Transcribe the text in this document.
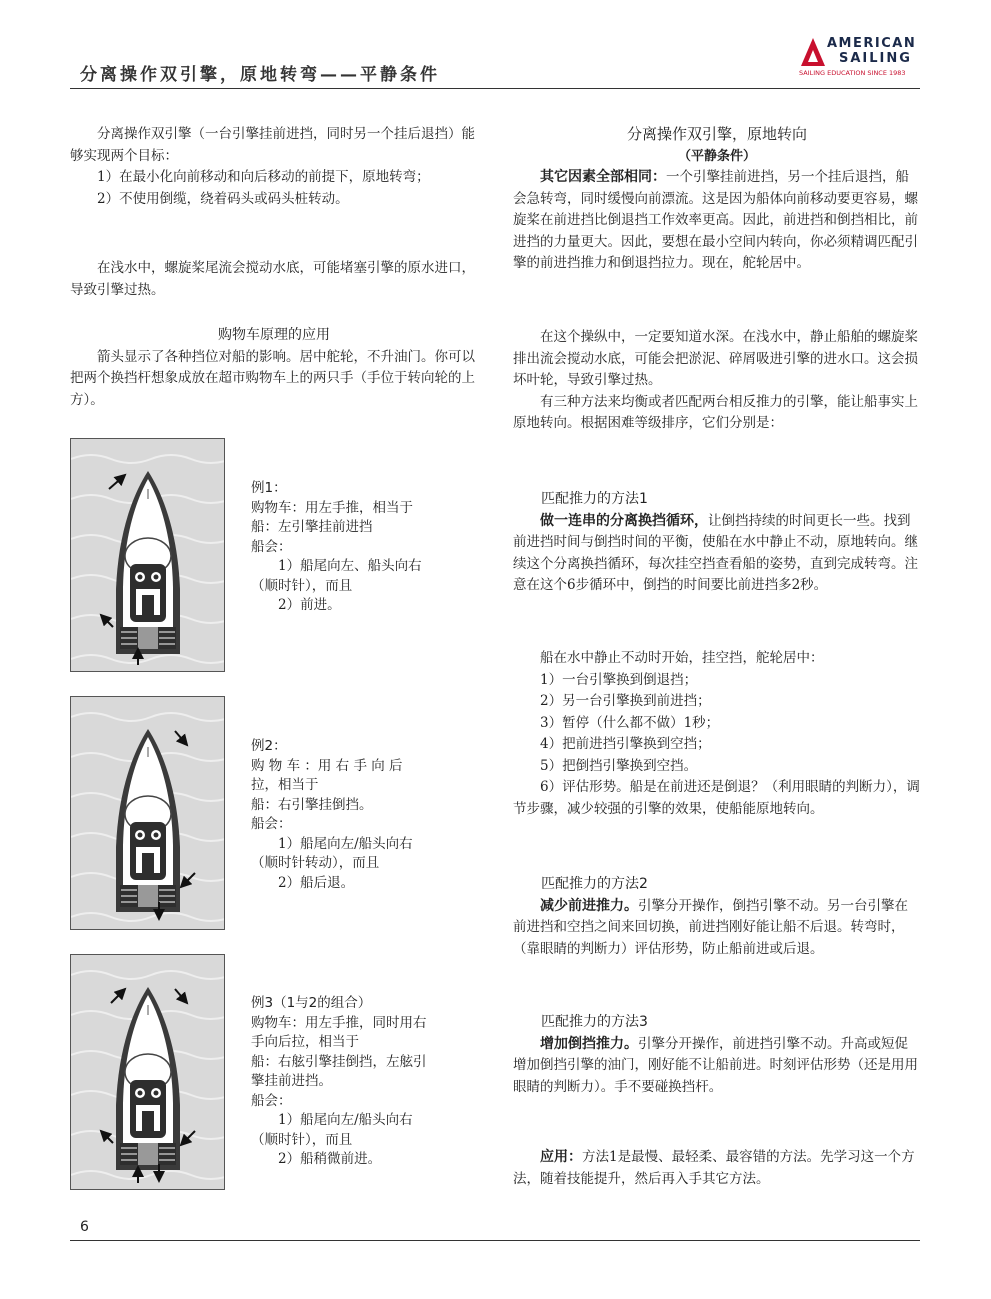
分离操作双引擎，原地转弯——平静条件
AMERICAN
SAILING
SAILING EDUCATION SINCE 1983

分离操作双引擎（一台引擎挂前进挡，同时另一个挂后退挡）能够实现两个目标：

1）在最小化向前移动和向后移动的前提下，原地转弯；

2）不使用倒缆，绕着码头或码头桩转动。

在浅水中，螺旋桨尾流会搅动水底，可能堵塞引擎的原水进口，导致引擎过热。

购物车原理的应用

箭头显示了各种挡位对船的影响。居中舵轮，不升油门。你可以把两个换挡杆想象成放在超市购物车上的两只手（手位于转向轮的上方）。

例1：

购物车：用左手推，相当于

船：左引擎挂前进挡

船会：

1）船尾向左、船头向右（顺时针），而且

2）前进。

例2：

购 物 车 ：用 右 手 向 后 拉，相当于

船：右引擎挂倒挡。

船会：

1）船尾向左/船头向右（顺时针转动），而且

2）船后退。

例3（1与2的组合）

购物车：用左手推，同时用右手向后拉，相当于

船：右舷引擎挂倒挡，左舷引擎挂前进挡。

船会：

1）船尾向左/船头向右（顺时针），而且

2）船稍微前进。

分离操作双引擎，原地转向

（平静条件）

其它因素全部相同：一个引擎挂前进挡，另一个挂后退挡，船会急转弯，同时缓慢向前漂流。这是因为船体向前移动要更容易，螺旋桨在前进挡比倒退挡工作效率更高。因此，前进挡和倒挡相比，前进挡的力量更大。因此，要想在最小空间内转向，你必须精调匹配引擎的前进挡推力和倒退挡拉力。现在，舵轮居中。

在这个操纵中，一定要知道水深。在浅水中，静止船舶的螺旋桨排出流会搅动水底，可能会把淤泥、碎屑吸进引擎的进水口。这会损坏叶轮，导致引擎过热。

有三种方法来均衡或者匹配两台相反推力的引擎，能让船事实上原地转向。根据困难等级排序，它们分别是：

匹配推力的方法1

做一连串的分离换挡循环，让倒挡持续的时间更长一些。找到前进挡时间与倒挡时间的平衡，使船在水中静止不动，原地转向。继续这个分离换挡循环，每次挂空挡查看船的姿势，直到完成转弯。注意在这个6步循环中，倒挡的时间要比前进挡多2秒。

船在水中静止不动时开始，挂空挡，舵轮居中：

1）一台引擎换到倒退挡；

2）另一台引擎换到前进挡；

3）暂停（什么都不做）1秒；

4）把前进挡引擎换到空挡；

5）把倒挡引擎换到空挡。

6）评估形势。船是在前进还是倒退？（利用眼睛的判断力），调节步骤，减少较强的引擎的效果，使船能原地转向。

匹配推力的方法2

减少前进推力。引擎分开操作，倒挡引擎不动。另一台引擎在前进挡和空挡之间来回切换，前进挡刚好能让船不后退。转弯时，（靠眼睛的判断力）评估形势，防止船前进或后退。

匹配推力的方法3

增加倒挡推力。引擎分开操作，前进挡引擎不动。升高或短促增加倒挡引擎的油门，刚好能不让船前进。时刻评估形势（还是用用眼睛的判断力）。手不要碰换挡杆。

应用：方法1是最慢、最轻柔、最容错的方法。先学习这一个方法，随着技能提升，然后再入手其它方法。

6
